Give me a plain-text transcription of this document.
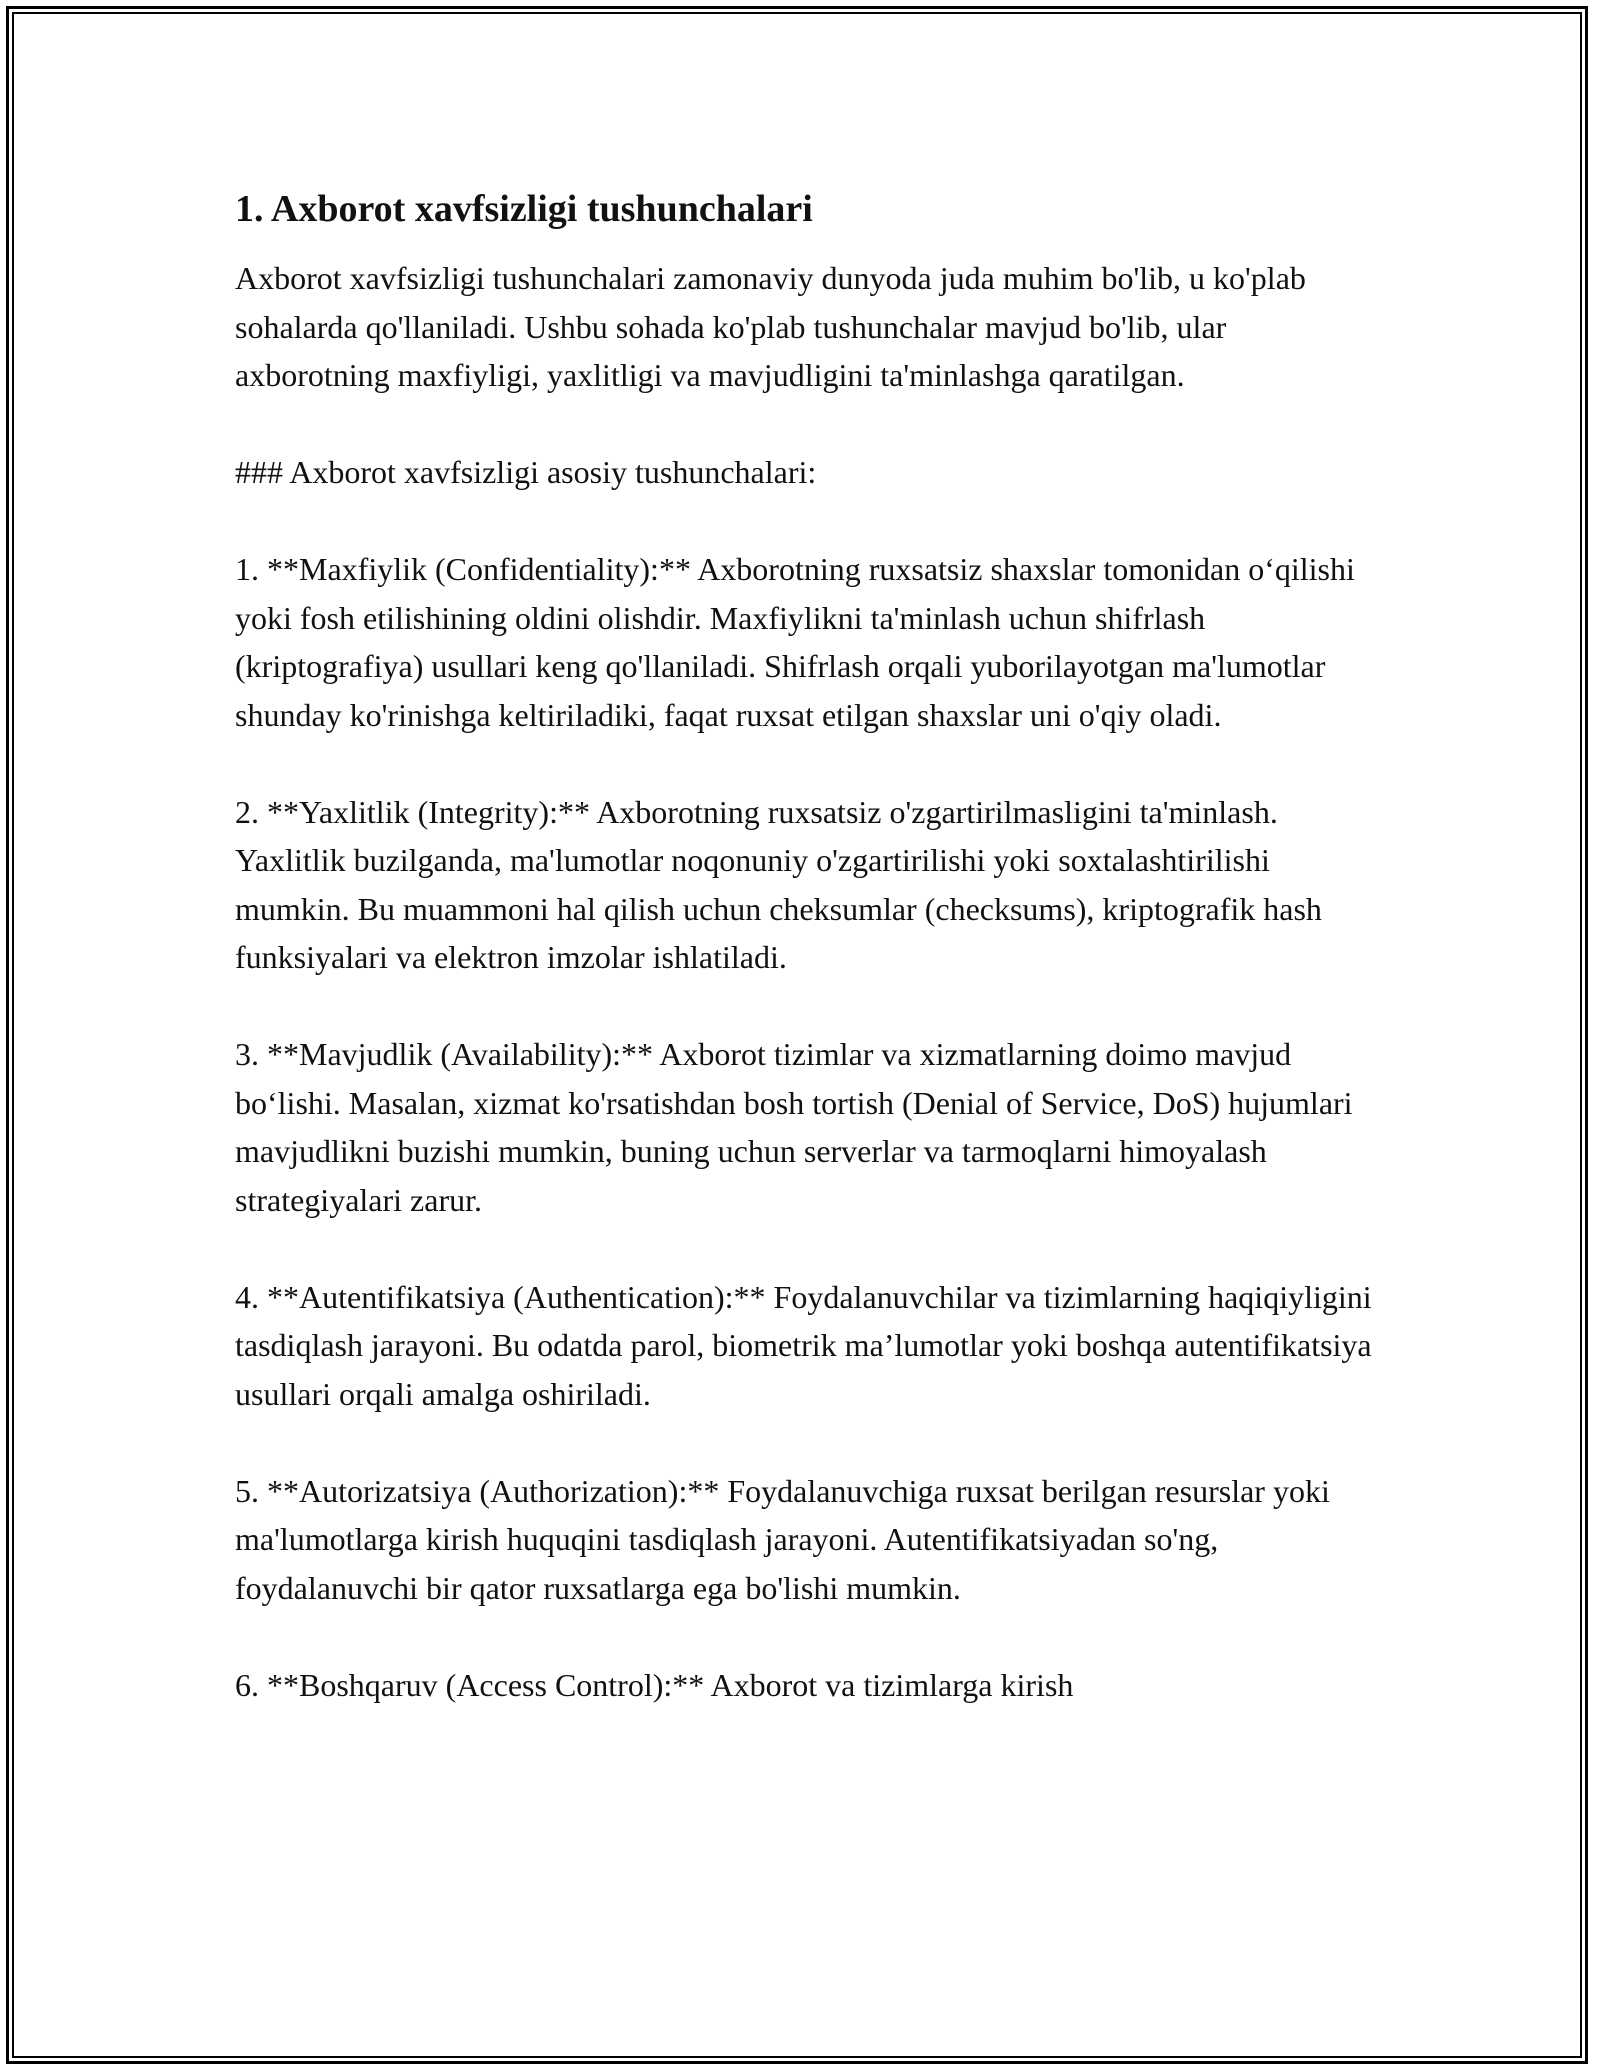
1. Axborot xavfsizligi tushunchalari

Axborot xavfsizligi tushunchalari zamonaviy dunyoda juda muhim bo'lib, u ko'plab sohalarda qo'llaniladi. Ushbu sohada ko'plab tushunchalar mavjud bo'lib, ular axborotning maxfiyligi, yaxlitligi va mavjudligini ta'minlashga qaratilgan.

### Axborot xavfsizligi asosiy tushunchalari:

1. **Maxfiylik (Confidentiality):** Axborotning ruxsatsiz shaxslar tomonidan o‘qilishi yoki fosh etilishining oldini olishdir. Maxfiylikni ta'minlash uchun shifrlash (kriptografiya) usullari keng qo'llaniladi. Shifrlash orqali yuborilayotgan ma'lumotlar shunday ko'rinishga keltiriladiki, faqat ruxsat etilgan shaxslar uni o'qiy oladi.

2. **Yaxlitlik (Integrity):** Axborotning ruxsatsiz o'zgartirilmasligini ta'minlash. Yaxlitlik buzilganda, ma'lumotlar noqonuniy o'zgartirilishi yoki soxtalashtirilishi mumkin. Bu muammoni hal qilish uchun cheksumlar (checksums), kriptografik hash funksiyalari va elektron imzolar ishlatiladi.

3. **Mavjudlik (Availability):** Axborot tizimlar va xizmatlarning doimo mavjud bo‘lishi. Masalan, xizmat ko'rsatishdan bosh tortish (Denial of Service, DoS) hujumlari mavjudlikni buzishi mumkin, buning uchun serverlar va tarmoqlarni himoyalash strategiyalari zarur.

4. **Autentifikatsiya (Authentication):** Foydalanuvchilar va tizimlarning haqiqiyligini tasdiqlash jarayoni. Bu odatda parol, biometrik ma’lumotlar yoki boshqa autentifikatsiya usullari orqali amalga oshiriladi.

5. **Autorizatsiya (Authorization):** Foydalanuvchiga ruxsat berilgan resurslar yoki ma'lumotlarga kirish huquqini tasdiqlash jarayoni. Autentifikatsiyadan so'ng, foydalanuvchi bir qator ruxsatlarga ega bo'lishi mumkin.

6. **Boshqaruv (Access Control):** Axborot va tizimlarga kirish
